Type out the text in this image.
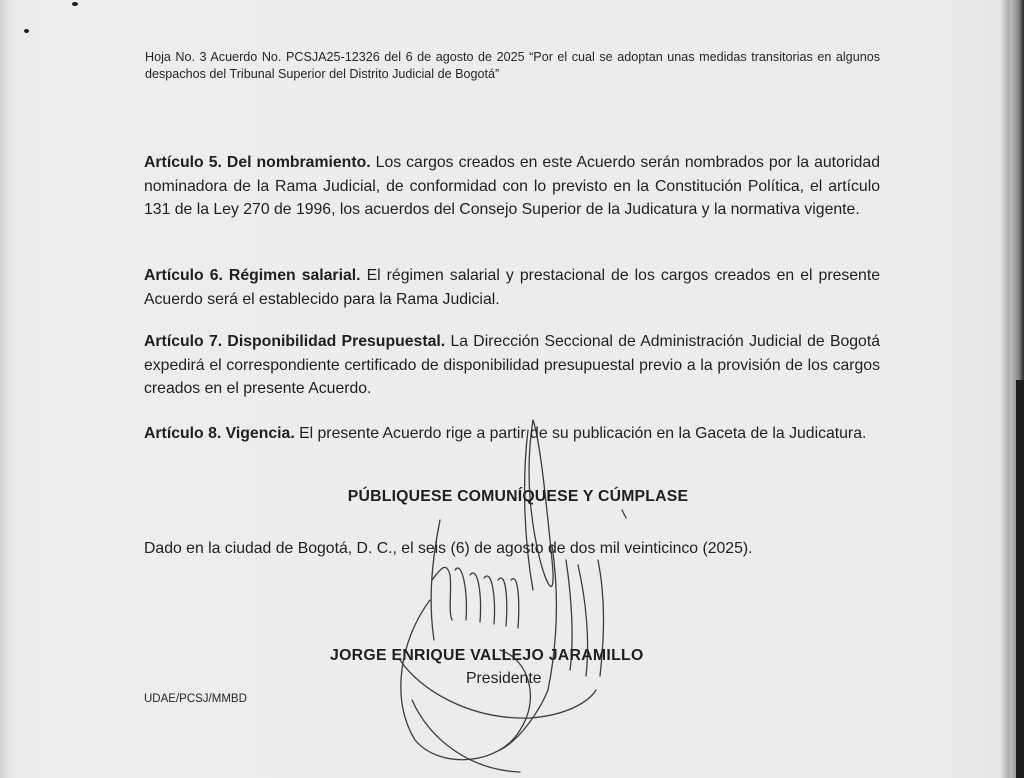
Hoja No. 3 Acuerdo No. PCSJA25-12326 del 6 de agosto de 2025 “Por el cual se adoptan unas medidas transitorias en algunos despachos del Tribunal Superior del Distrito Judicial de Bogotá”

Artículo 5. Del nombramiento. Los cargos creados en este Acuerdo serán nombrados por la autoridad nominadora de la Rama Judicial, de conformidad con lo previsto en la Constitución Política, el artículo 131 de la Ley 270 de 1996, los acuerdos del Consejo Superior de la Judicatura y la normativa vigente.

Artículo 6. Régimen salarial. El régimen salarial y prestacional de los cargos creados en el presente Acuerdo será el establecido para la Rama Judicial.

Artículo 7. Disponibilidad Presupuestal. La Dirección Seccional de Administración Judicial de Bogotá expedirá el correspondiente certificado de disponibilidad presupuestal previo a la provisión de los cargos creados en el presente Acuerdo.

Artículo 8. Vigencia. El presente Acuerdo rige a partir de su publicación en la Gaceta de la Judicatura.

PÚBLIQUESE COMUNÍQUESE Y CÚMPLASE
Dado en la ciudad de Bogotá, D. C., el seis (6) de agosto de dos mil veinticinco (2025).
JORGE ENRIQUE VALLEJO JARAMILLO
Presidente
UDAE/PCSJ/MMBD
